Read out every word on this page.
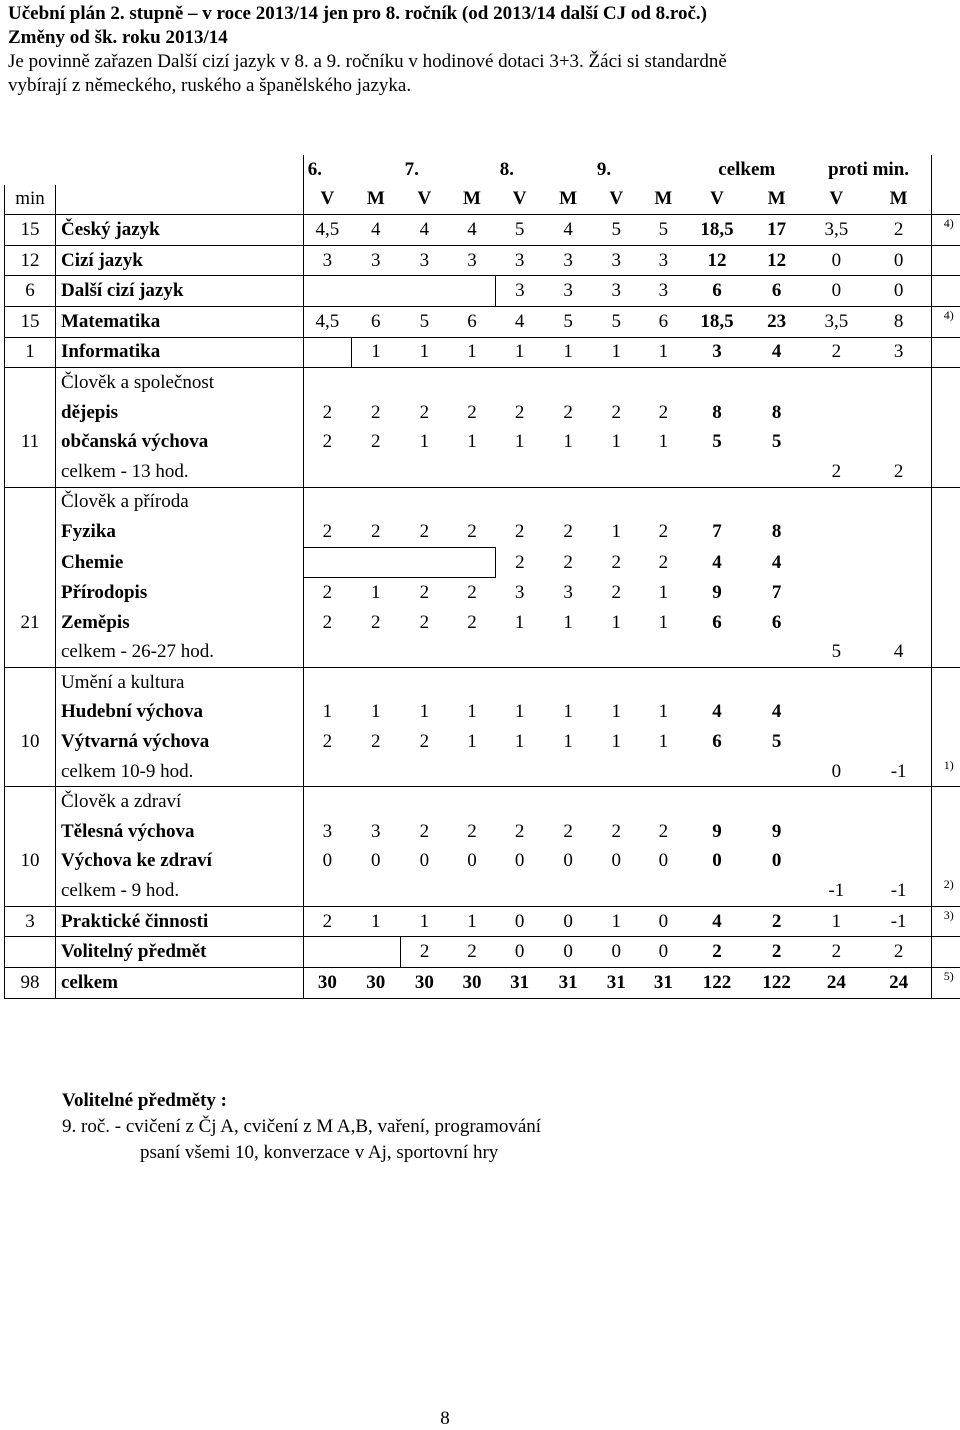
Učební plán 2. stupně – v roce 2013/14 jen pro 8. ročník (od 2013/14 další CJ od 8.roč.)
Změny od šk. roku 2013/14
Je povinně zařazen Další cizí jazyk v 8. a 9. ročníku v hodinové dotaci 3+3. Žáci si standardně
vybírají z německého, ruského a španělského jazyka.
		6.		7.		8.		9.		celkem		proti min.		
min		V	M	V	M	V	M	V	M	V	M	V	M	
15	Český jazyk	4,5	4	4	4	5	4	5	5	18,5	17	3,5	2	4)

12	Cizí jazyk	3	3	3	3	3	3	3	3	12	12	0	0	
6	Další cizí jazyk					3	3	3	3	6	6	0	0	
15	Matematika	4,5	6	5	6	4	5	5	6	18,5	23	3,5	8	4)

1	Informatika		1	1	1	1	1	1	1	3	4	2	3	
	Člověk a společnost													
	dějepis	2	2	2	2	2	2	2	2	8	8			
11	občanská výchova	2	2	1	1	1	1	1	1	5	5			
	celkem - 13 hod.											2	2	
	Člověk a příroda													
	Fyzika	2	2	2	2	2	2	1	2	7	8			
	Chemie					2	2	2	2	4	4			
	Přírodopis	2	1	2	2	3	3	2	1	9	7			
21	Zeměpis	2	2	2	2	1	1	1	1	6	6			
	celkem - 26-27 hod.											5	4	
	Umění a kultura													
	Hudební výchova	1	1	1	1	1	1	1	1	4	4			
10	Výtvarná výchova	2	2	2	1	1	1	1	1	6	5			
	celkem 10-9 hod.											0	-1	1)

	Člověk a zdraví													
	Tělesná výchova	3	3	2	2	2	2	2	2	9	9			
10	Výchova ke zdraví	0	0	0	0	0	0	0	0	0	0			
	celkem - 9 hod.											-1	-1	2)

3	Praktické činnosti	2	1	1	1	0	0	1	0	4	2	1	-1	3)

	Volitelný předmět			2	2	0	0	0	0	2	2	2	2	
98	celkem	30	30	30	30	31	31	31	31	122	122	24	24	5)
Volitelné předměty :
9. roč. - cvičení z Čj A, cvičení z M A,B, vaření, programování
psaní všemi 10, konverzace v Aj, sportovní hry
8
